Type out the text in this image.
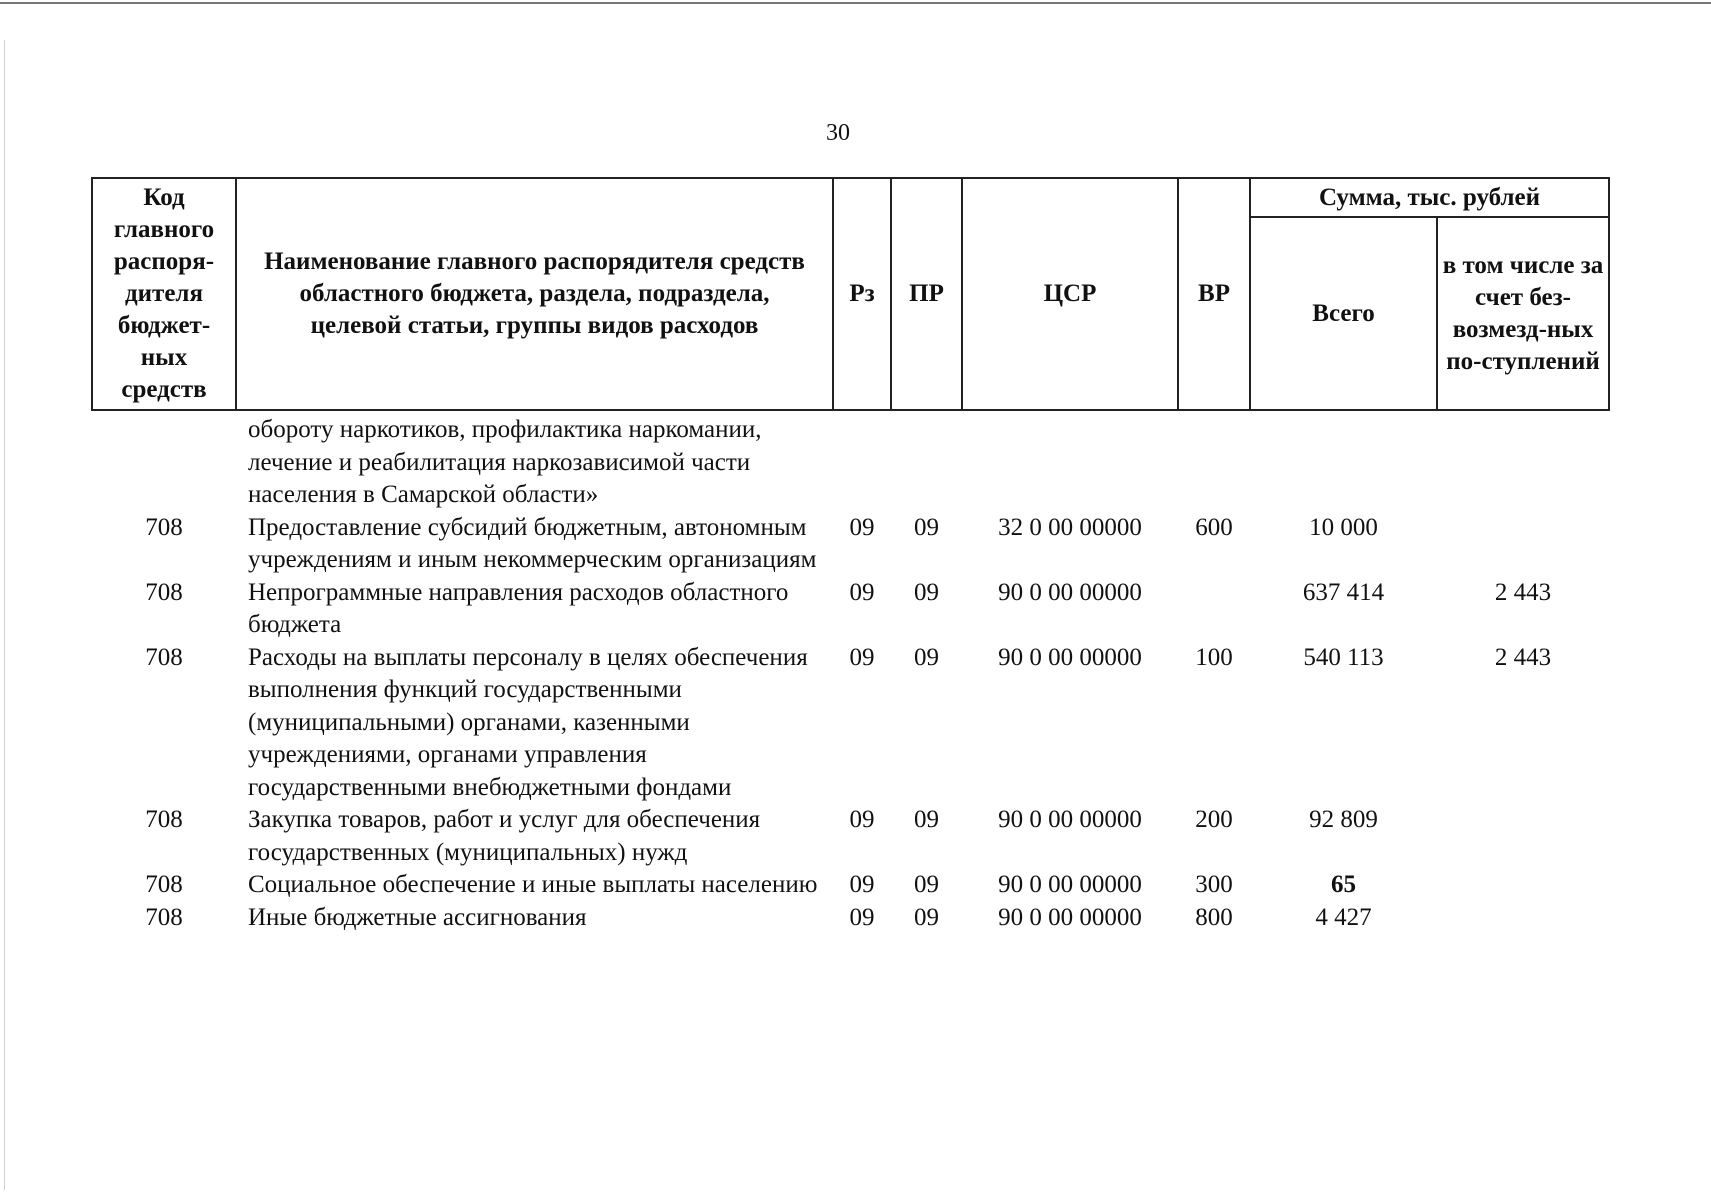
30
Код главного распоря-дителя бюджет-ных средств	Наименование главного распорядителя средств областного бюджета, раздела, подраздела, целевой статьи, группы видов расходов	Рз	ПР	ЦСР	ВР	Сумма, тыс. рублей	
						Всего	в том числе за счет без-возмезд-ных по-ступлений
	обороту наркотиков, профилактика наркомании, лечение и реабилитация наркозависимой части населения в Самарской области»						
708	Предоставление субсидий бюджетным, автономным учреждениям и иным некоммерческим организациям	09	09	32 0 00 00000	600	10 000	
708	Непрограммные направления расходов областного бюджета	09	09	90 0 00 00000		637 414	2 443
708	Расходы на выплаты персоналу в целях обеспечения выполнения функций государственными (муниципальными) органами, казенными учреждениями, органами управления государственными внебюджетными фондами	09	09	90 0 00 00000	100	540 113	2 443
708	Закупка товаров, работ и услуг для обеспечения государственных (муниципальных) нужд	09	09	90 0 00 00000	200	92 809	
708	Социальное обеспечение и иные выплаты населению	09	09	90 0 00 00000	300	65	
708	Иные бюджетные ассигнования	09	09	90 0 00 00000	800	4 427	
